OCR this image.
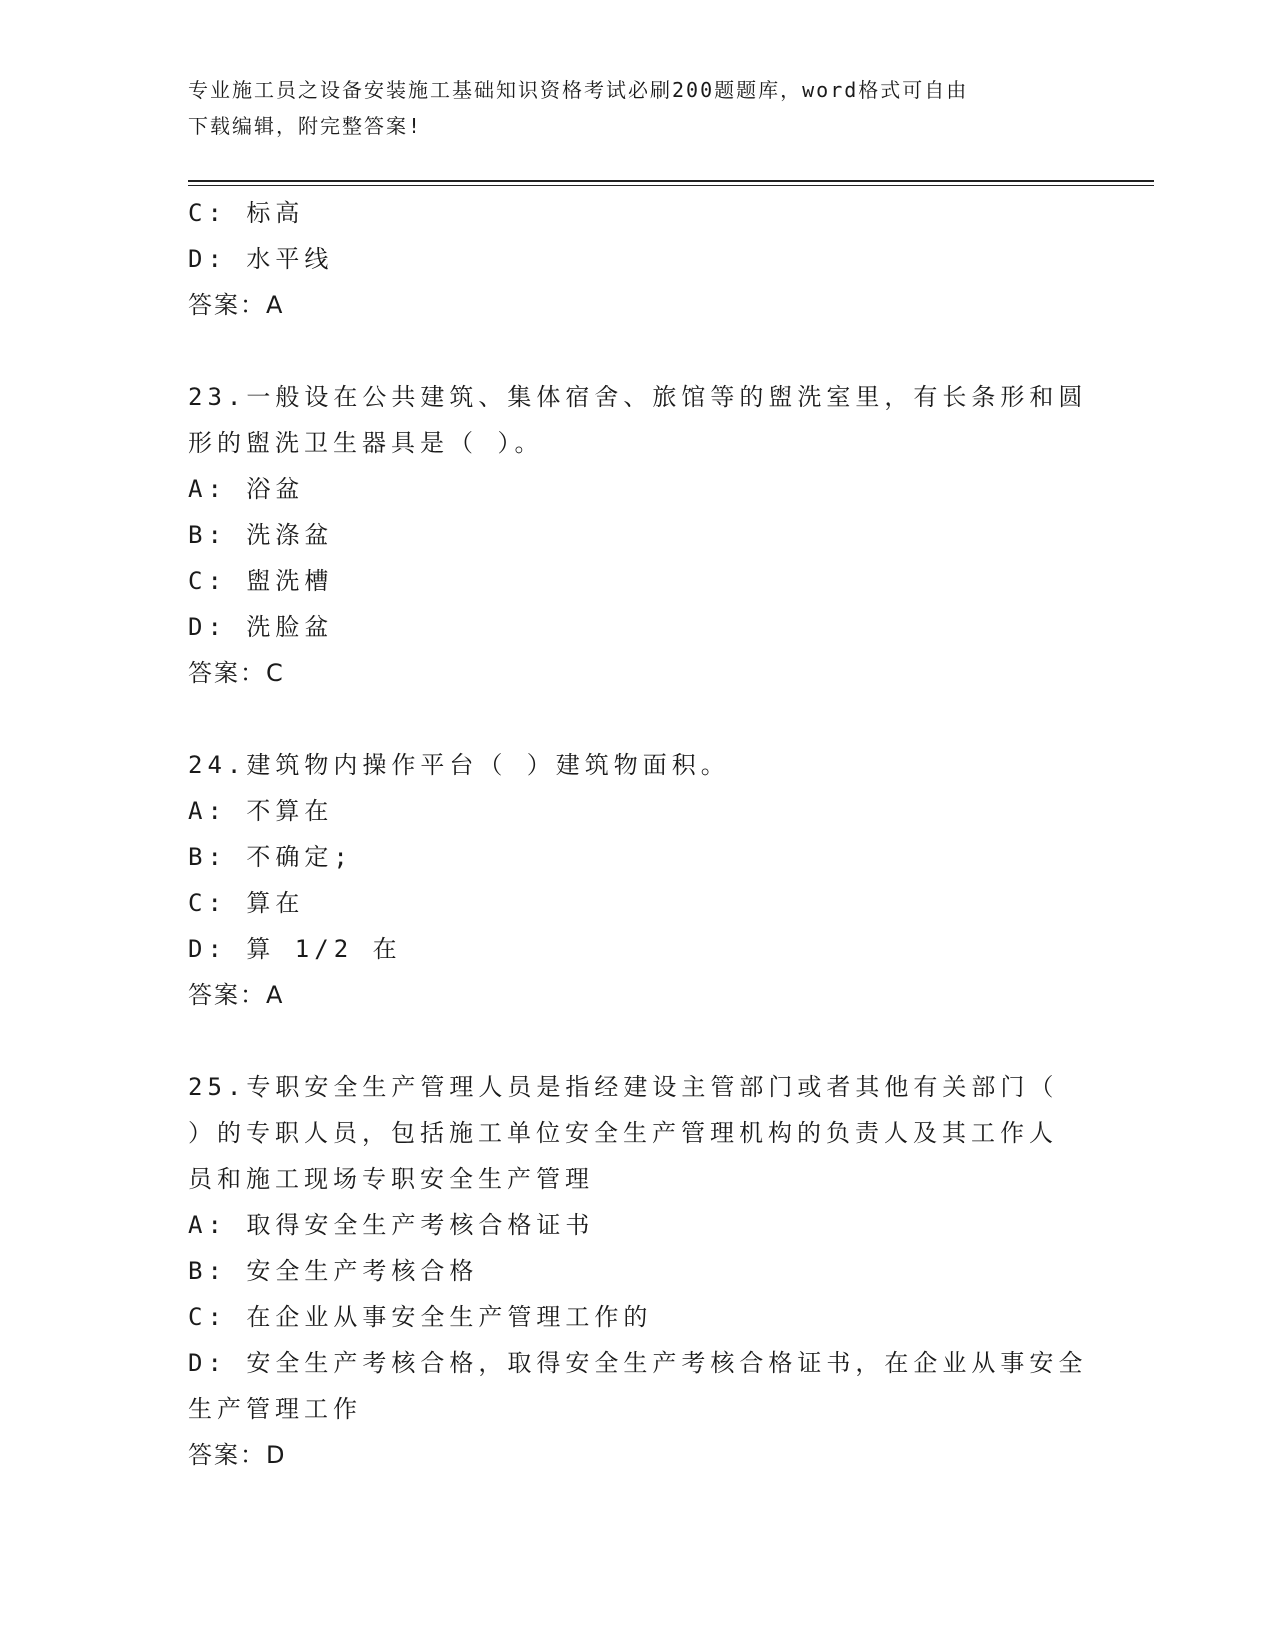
专业施工员之设备安装施工基础知识资格考试必刷200题题库，word格式可自由
下载编辑，附完整答案!
C: 标高
D: 水平线
答案：A
23.一般设在公共建筑、集体宿舍、旅馆等的盥洗室里，有长条形和圆
形的盥洗卫生器具是（ ）。
A: 浴盆
B: 洗涤盆
C: 盥洗槽
D: 洗脸盆
答案：C
24.建筑物内操作平台（ ）建筑物面积。
A: 不算在
B: 不确定;
C: 算在
D: 算 1/2 在
答案：A
25.专职安全生产管理人员是指经建设主管部门或者其他有关部门（
）的专职人员，包括施工单位安全生产管理机构的负责人及其工作人
员和施工现场专职安全生产管理
A: 取得安全生产考核合格证书
B: 安全生产考核合格
C: 在企业从事安全生产管理工作的
D: 安全生产考核合格，取得安全生产考核合格证书，在企业从事安全
生产管理工作
答案：D
